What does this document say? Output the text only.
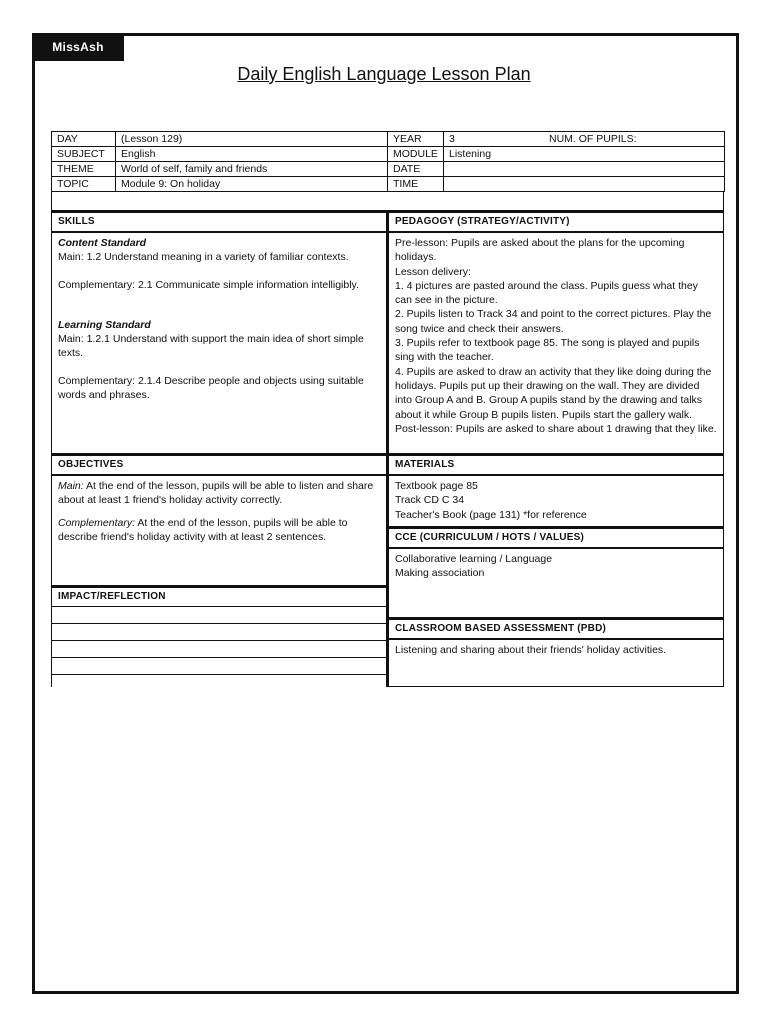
MissAsh
Daily English Language Lesson Plan
DAY	(Lesson 129)	YEAR	3 NUM. OF PUPILS:
SUBJECT	English	MODULE	Listening
THEME	World of self, family and friends	DATE	
TOPIC	Module 9: On holiday	TIME	
SKILLS
Content Standard
Main: 1.2 Understand meaning in a variety of familiar contexts.
Complementary: 2.1 Communicate simple information intelligibly.
Learning Standard
Main: 1.2.1 Understand with support the main idea of short simple texts.
Complementary: 2.1.4 Describe people and objects using suitable words and phrases.
OBJECTIVES
Main: At the end of the lesson, pupils will be able to listen and share about at least 1 friend's holiday activity correctly.
Complementary: At the end of the lesson, pupils will be able to describe friend's holiday activity with at least 2 sentences.
IMPACT/REFLECTION
PEDAGOGY (STRATEGY/ACTIVITY)
Pre-lesson: Pupils are asked about the plans for the upcoming holidays.
Lesson delivery:
1. 4 pictures are pasted around the class. Pupils guess what they can see in the picture.
2. Pupils listen to Track 34 and point to the correct pictures. Play the song twice and check their answers.
3. Pupils refer to textbook page 85. The song is played and pupils sing with the teacher.
4. Pupils are asked to draw an activity that they like doing during the holidays. Pupils put up their drawing on the wall. They are divided into Group A and B. Group A pupils stand by the drawing and talks about it while Group B pupils listen. Pupils start the gallery walk.
Post-lesson: Pupils are asked to share about 1 drawing that they like.
MATERIALS
Textbook page 85
Track CD C 34
Teacher's Book (page 131) *for reference
CCE (CURRICULUM / HOTS / VALUES)
Collaborative learning / Language
Making association
CLASSROOM BASED ASSESSMENT (PBD)
Listening and sharing about their friends' holiday activities.
